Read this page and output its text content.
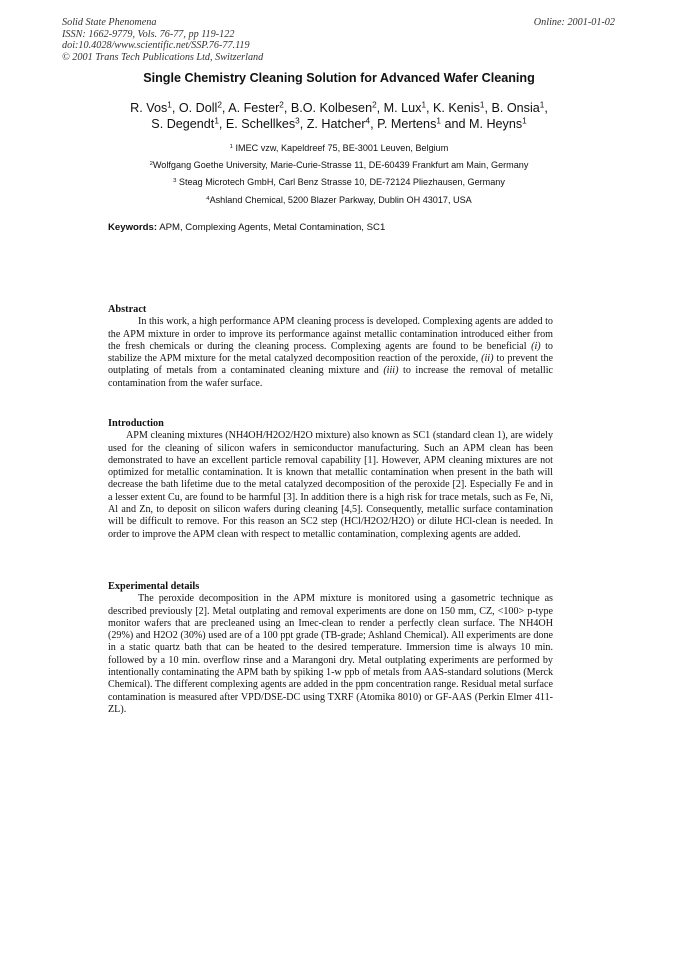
Solid State Phenomena
ISSN: 1662-9779, Vols. 76-77, pp 119-122
doi:10.4028/www.scientific.net/SSP.76-77.119
© 2001 Trans Tech Publications Ltd, Switzerland
Online: 2001-01-02
Single Chemistry Cleaning Solution for Advanced Wafer Cleaning
R. Vos$^1$, O. Doll$^2$, A. Fester$^2$, B.O. Kolbesen$^2$, M. Lux$^1$, K. Kenis$^1$, B. Onsia$^1$,
S. Degendt$^1$, E. Schellkes$^3$, Z. Hatcher$^4$, P. Mertens$^1$ and M. Heyns$^1$
$^1$ IMEC vzw, Kapeldreef 75, BE-3001 Leuven, Belgium
$^2$Wolfgang Goethe University, Marie-Curie-Strasse 11, DE-60439 Frankfurt am Main, Germany
$^3$ Steag Microtech GmbH, Carl Benz Strasse 10, DE-72124 Pliezhausen, Germany
$^4$Ashland Chemical, 5200 Blazer Parkway, Dublin OH 43017, USA
Keywords: APM, Complexing Agents, Metal Contamination, SC1
Abstract
In this work, a high performance APM cleaning process is developed. Complexing agents are added to the APM mixture in order to improve its performance against metallic contamination introduced either from the fresh chemicals or during the cleaning process. Complexing agents are found to be beneficial (i) to stabilize the APM mixture for the metal catalyzed decomposition reaction of the peroxide, (ii) to prevent the outplating of metals from a contaminated cleaning mixture and (iii) to increase the removal of metallic contamination from the wafer surface.
Introduction
APM cleaning mixtures (NH4OH/H2O2/H2O mixture) also known as SC1 (standard clean 1), are widely used for the cleaning of silicon wafers in semiconductor manufacturing. Such an APM clean has been demonstrated to have an excellent particle removal capability [1]. However, APM cleaning mixtures are not optimized for metallic contamination. It is known that metallic contamination when present in the bath will decrease the bath lifetime due to the metal catalyzed decomposition of the peroxide [2]. Especially Fe and in a lesser extent Cu, are found to be harmful [3]. In addition there is a high risk for trace metals, such as Fe, Ni, Al and Zn, to deposit on silicon wafers during cleaning [4,5]. Consequently, metallic surface contamination will be difficult to remove. For this reason an SC2 step (HCl/H2O2/H2O) or dilute HCl-clean is needed. In order to improve the APM clean with respect to metallic contamination, complexing agents are added.
Experimental details
The peroxide decomposition in the APM mixture is monitored using a gasometric technique as described previously [2]. Metal outplating and removal experiments are done on 150 mm, CZ, <100> p-type monitor wafers that are precleaned using an Imec-clean to render a perfectly clean surface. The NH4OH (29%) and H2O2 (30%) used are of a 100 ppt grade (TB-grade; Ashland Chemical). All experiments are done in a static quartz bath that can be heated to the desired temperature. Immersion time is always 10 min. followed by a 10 min. overflow rinse and a Marangoni dry. Metal outplating experiments are performed by intentionally contaminating the APM bath by spiking 1-w ppb of metals from AAS-standard solutions (Merck Chemical). The different complexing agents are added in the ppm concentration range. Residual metal surface contamination is measured after VPD/DSE-DC using TXRF (Atomika 8010) or GF-AAS (Perkin Elmer 411-ZL).
